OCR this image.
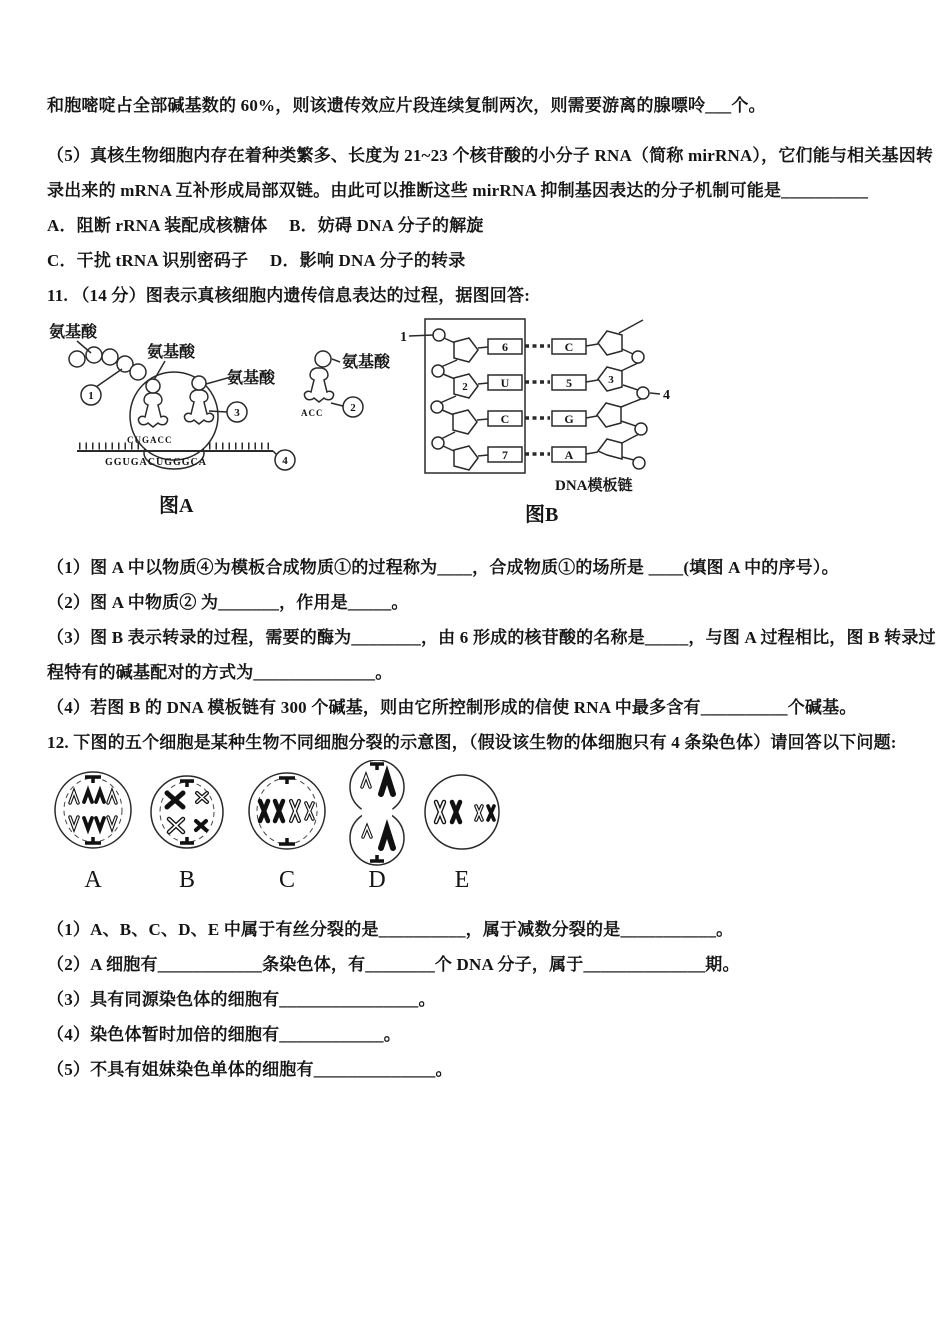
和胞嘧啶占全部碱基数的 60%，则该遗传效应片段连续复制两次，则需要游离的腺嘌呤___个。
（5）真核生物细胞内存在着种类繁多、长度为 21~23 个核苷酸的小分子 RNA（简称 mirRNA），它们能与相关基因转
录出来的 mRNA 互补形成局部双链。由此可以推断这些 mirRNA 抑制基因表达的分子机制可能是__________
A．阻断 rRNA 装配成核糖体　 B．妨碍 DNA 分子的解旋
C．干扰 tRNA 识别密码子　 D．影响 DNA 分子的转录
11. （14 分）图表示真核细胞内遗传信息表达的过程，据图回答:
CUGACC
GGUGACUGGGCA
氨基酸
氨基酸
氨基酸
1
3
4
氨基酸
ACC 2
图A
1
2
6
U
C
7
C
5
G
A
3
4
DNA模板链
图B
（1）图 A 中以物质④为模板合成物质①的过程称为____，合成物质①的场所是 ____(填图 A 中的序号）。
（2）图 A 中物质② 为_______，作用是_____。
（3）图 B 表示转录的过程，需要的酶为________，由 6 形成的核苷酸的名称是_____，与图 A 过程相比，图 B 转录过
程特有的碱基配对的方式为______________。
（4）若图 B 的 DNA 模板链有 300 个碱基，则由它所控制形成的信使 RNA 中最多含有__________个碱基。
12. 下图的五个细胞是某种生物不同细胞分裂的示意图，（假设该生物的体细胞只有 4 条染色体）请回答以下问题:
A	B	C	D	E
（1）A、B、C、D、E 中属于有丝分裂的是__________，属于减数分裂的是___________。
（2）A 细胞有____________条染色体，有________个 DNA 分子，属于______________期。
（3）具有同源染色体的细胞有________________。
（4）染色体暂时加倍的细胞有____________。
（5）不具有姐妹染色单体的细胞有______________。
